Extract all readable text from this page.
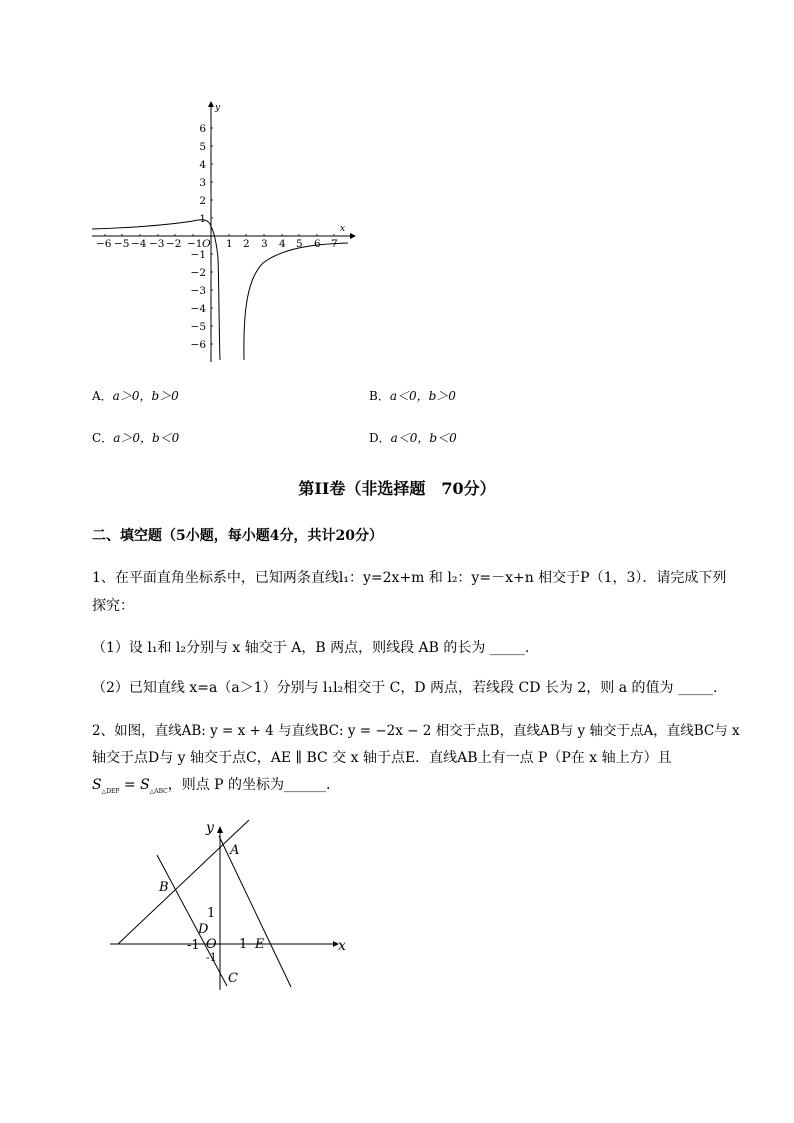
x
y
−6 −5 −4 −3 −2 −1 O 1 2 3 4 5 6 7
6
5
4
3
2
1
−1
−2
−3
−4
−5
−6
A．a＞0，b＞0	B．a＜0，b＞0
C．a＞0，b＜0	D．a＜0，b＜0
第II卷（非选择题　70分）
二、填空题（5小题，每小题4分，共计20分）
1、在平面直角坐标系中，已知两条直线l₁：y=2x+m 和 l₂：y=－x+n 相交于P（1，3）．请完成下列
探究：
（1）设 l₁和 l₂分别与 x 轴交于 A，B 两点，则线段 AB 的长为 _____.
（2）已知直线 x=a（a＞1）分别与 l₁l₂相交于 C，D 两点，若线段 CD 长为 2，则 a 的值为 _____.
2、如图，直线AB: y = x + 4 与直线BC: y = −2x − 2 相交于点B，直线AB与 y 轴交于点A，直线BC与 x
轴交于点D与 y 轴交于点C，AE ∥ BC 交 x 轴于点E．直线AB上有一点 P（P在 x 轴上方）且
$S_{\triangle DEP} = S_{\triangle ABC}$，则点 P 的坐标为______.
y
x
A
B
C
D
E
O 1
1
-1
-1
